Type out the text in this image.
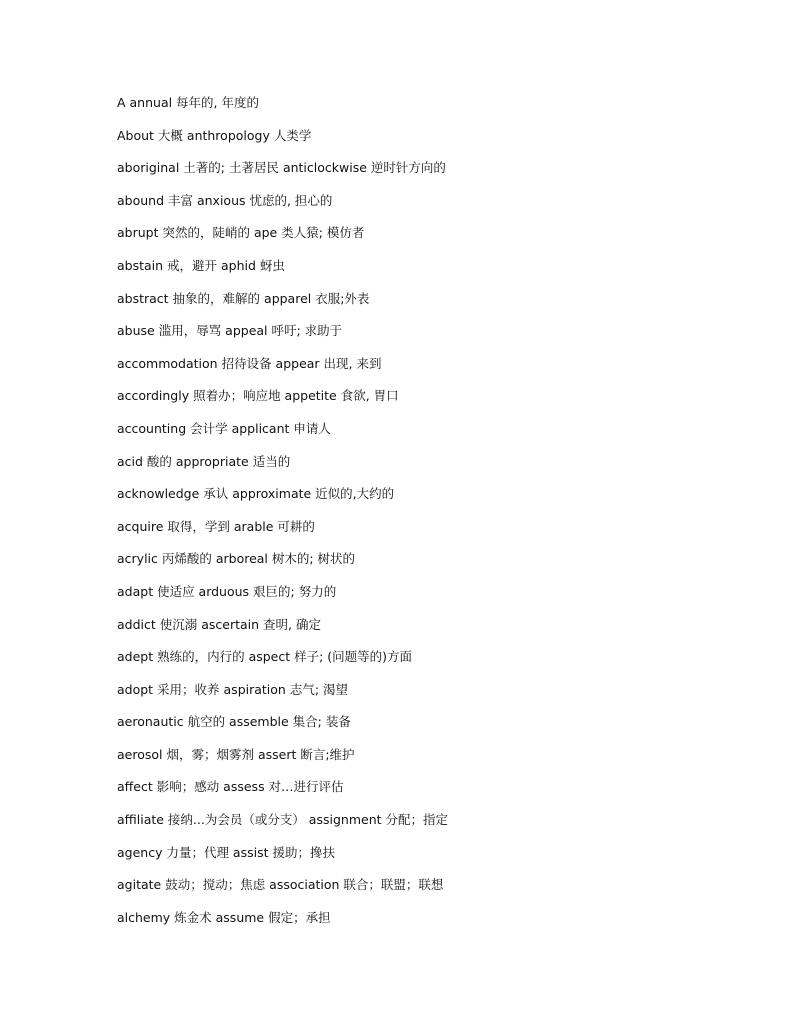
A annual 每年的, 年度的
About 大概 anthropology 人类学
aboriginal 土著的; 土著居民 anticlockwise 逆时针方向的
abound 丰富 anxious 忧虑的, 担心的
abrupt 突然的，陡峭的 ape 类人猿; 模仿者
abstain 戒，避开 aphid 蚜虫
abstract 抽象的，难解的 apparel 衣服;外表
abuse 滥用，辱骂 appeal 呼吁; 求助于
accommodation 招待设备 appear 出现, 来到
accordingly 照着办；响应地 appetite 食欲, 胃口
accounting 会计学 applicant 申请人
acid 酸的 appropriate 适当的
acknowledge 承认 approximate 近似的,大约的
acquire 取得，学到 arable 可耕的
acrylic 丙烯酸的 arboreal 树木的; 树状的
adapt 使适应 arduous 艰巨的; 努力的
addict 使沉溺 ascertain 查明, 确定
adept 熟练的，内行的 aspect 样子; (问题等的)方面
adopt 采用；收养 aspiration 志气; 渴望
aeronautic 航空的 assemble 集合; 装备
aerosol 烟，雾；烟雾剂 assert 断言;维护
affect 影响；感动 assess 对…进行评估
affiliate 接纳...为会员（或分支） assignment 分配；指定
agency 力量；代理 assist 援助；搀扶
agitate 鼓动；搅动；焦虑 association 联合；联盟；联想
alchemy 炼金术 assume 假定；承担
